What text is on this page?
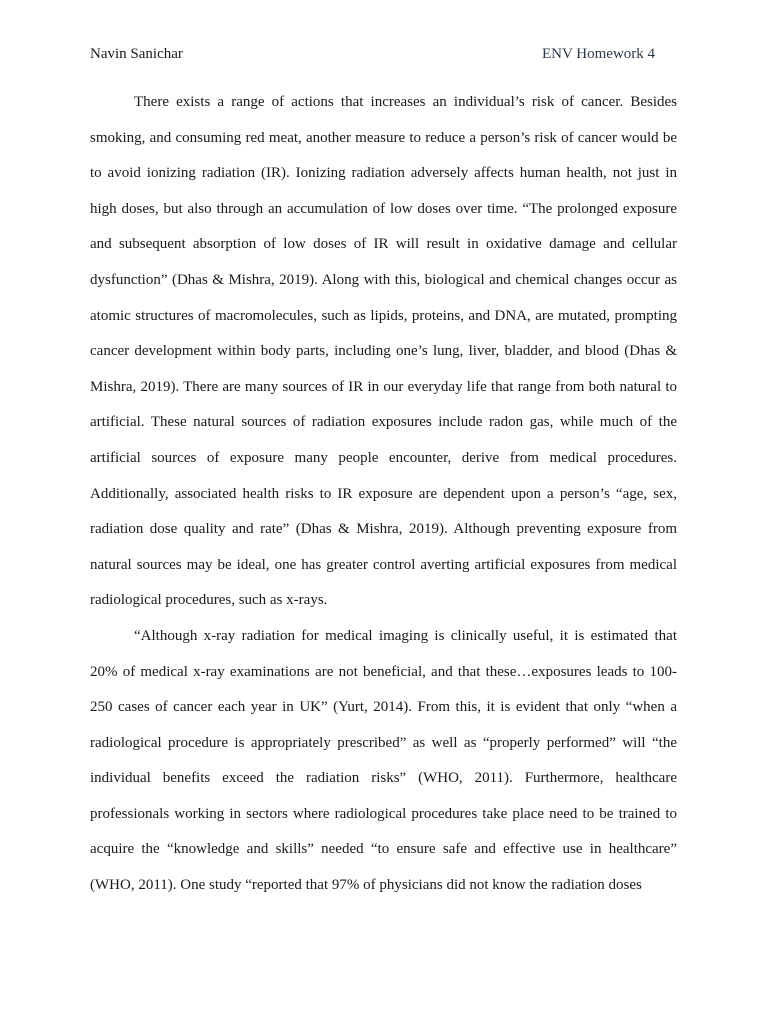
Navin Sanichar	ENV Homework 4

There exists a range of actions that increases an individual’s risk of cancer. Besides smoking, and consuming red meat, another measure to reduce a person’s risk of cancer would be to avoid ionizing radiation (IR). Ionizing radiation adversely affects human health, not just in high doses, but also through an accumulation of low doses over time. “The prolonged exposure and subsequent absorption of low doses of IR will result in oxidative damage and cellular dysfunction” (Dhas & Mishra, 2019). Along with this, biological and chemical changes occur as atomic structures of macromolecules, such as lipids, proteins, and DNA, are mutated, prompting cancer development within body parts, including one’s lung, liver, bladder, and blood (Dhas & Mishra, 2019). There are many sources of IR in our everyday life that range from both natural to artificial. These natural sources of radiation exposures include radon gas, while much of the artificial sources of exposure many people encounter, derive from medical procedures. Additionally, associated health risks to IR exposure are dependent upon a person’s “age, sex, radiation dose quality and rate” (Dhas & Mishra, 2019). Although preventing exposure from natural sources may be ideal, one has greater control averting artificial exposures from medical radiological procedures, such as x-rays.

“Although x-ray radiation for medical imaging is clinically useful, it is estimated that 20% of medical x-ray examinations are not beneficial, and that these…exposures leads to 100-250 cases of cancer each year in UK” (Yurt, 2014). From this, it is evident that only “when a radiological procedure is appropriately prescribed” as well as “properly performed” will “the individual benefits exceed the radiation risks” (WHO, 2011). Furthermore, healthcare professionals working in sectors where radiological procedures take place need to be trained to acquire the “knowledge and skills” needed “to ensure safe and effective use in healthcare” (WHO, 2011). One study “reported that 97% of physicians did not know the radiation doses
